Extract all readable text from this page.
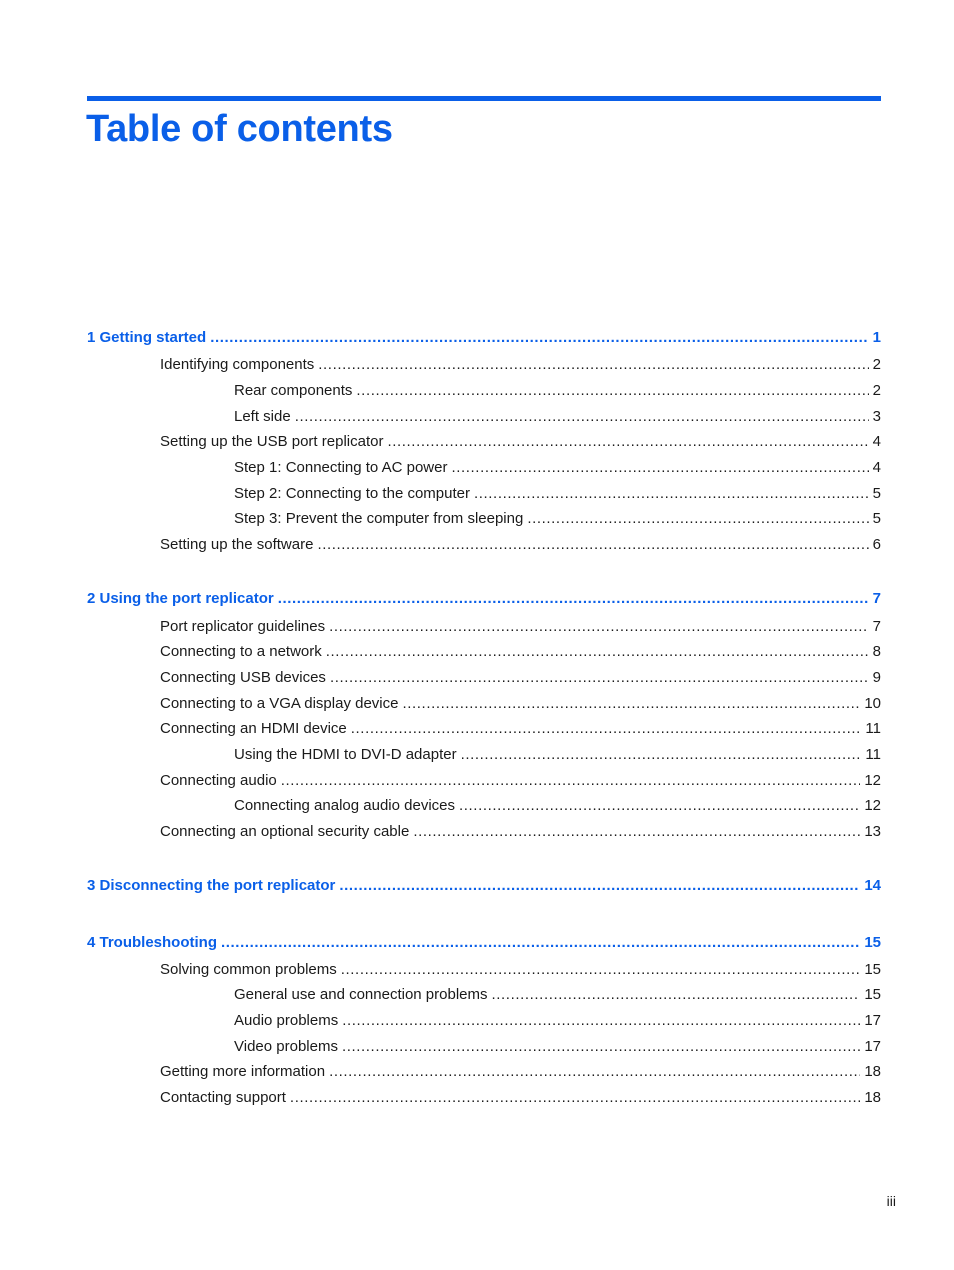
Table of contents
1 Getting started .....	1
Identifying components .....	2
Rear components .....	2
Left side .....	3
Setting up the USB port replicator .....	4
Step 1: Connecting to AC power .....	4
Step 2: Connecting to the computer .....	5
Step 3: Prevent the computer from sleeping .....	5
Setting up the software .....	6
2 Using the port replicator .....	7
Port replicator guidelines .....	7
Connecting to a network .....	8
Connecting USB devices .....	9
Connecting to a VGA display device .....	10
Connecting an HDMI device .....	11
Using the HDMI to DVI-D adapter .....	11
Connecting audio .....	12
Connecting analog audio devices .....	12
Connecting an optional security cable .....	13
3 Disconnecting the port replicator .....	14
4 Troubleshooting .....	15
Solving common problems .....	15
General use and connection problems .....	15
Audio problems .....	17
Video problems .....	17
Getting more information .....	18
Contacting support .....	18
iii
